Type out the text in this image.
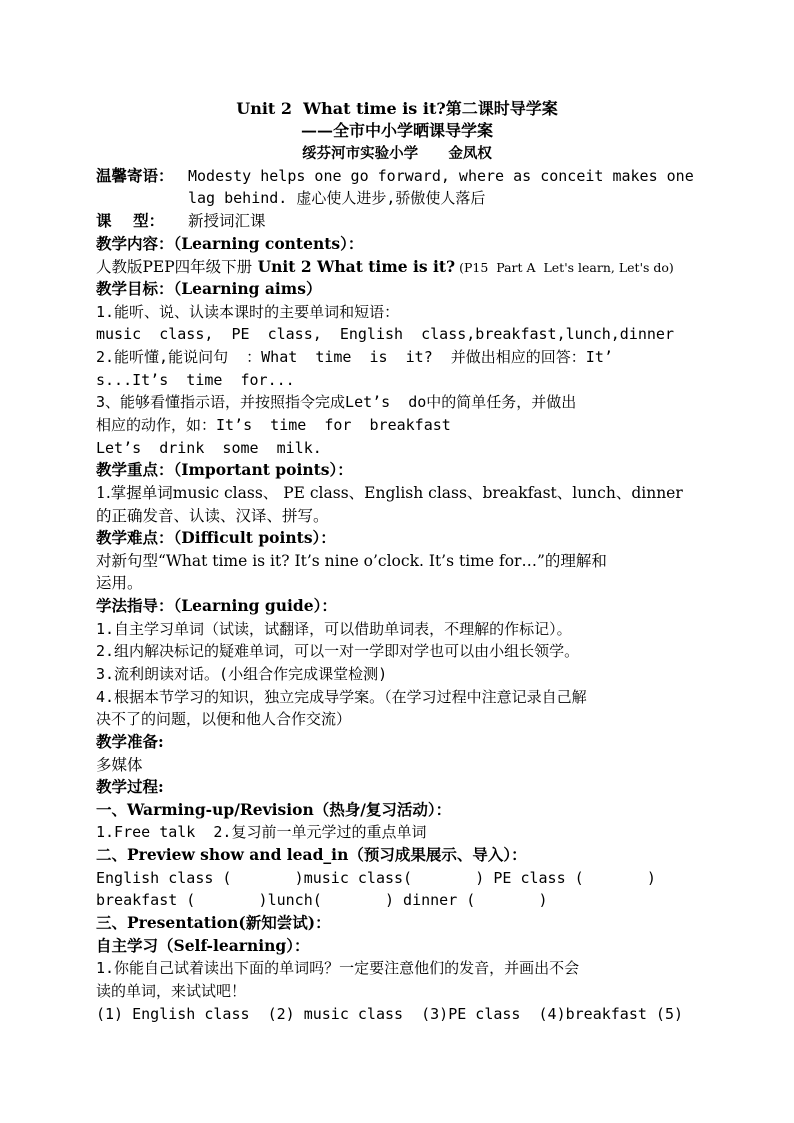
Unit 2  What time is it?第二课时导学案
——全市中小学晒课导学案
绥芬河市实验小学      金凤权
温馨寄语： Modesty helps one go forward, where as conceit makes one
lag behind. 虚心使人进步,骄傲使人落后
课    型： 新授词汇课
教学内容：（Learning contents）：
人教版PEP四年级下册 Unit 2 What time is it? (P15  Part A  Let's learn, Let's do)
教学目标：（Learning aims）
1.能听、说、认读本课时的主要单词和短语：
music  class,  PE  class,  English  class,breakfast,lunch,dinner
2.能听懂,能说问句  ：What  time  is  it?  并做出相应的回答：It’
s...It’s  time  for...
3、能够看懂指示语，并按照指令完成Let’s  do中的简单任务，并做出
相应的动作，如：It’s  time  for  breakfast
Let’s  drink  some  milk.
教学重点：（Important points）：
1.掌握单词music class、 PE class、English class、breakfast、lunch、dinner
的正确发音、认读、汉译、拼写。
教学难点：（Difficult points）：
对新句型“What time is it? It’s nine o’clock. It’s time for…”的理解和
运用。
学法指导：（Learning guide）：
1.自主学习单词（试读，试翻译，可以借助单词表，不理解的作标记）。
2.组内解决标记的疑难单词，可以一对一学即对学也可以由小组长领学。
3.流利朗读对话。(小组合作完成课堂检测)
4.根据本节学习的知识，独立完成导学案。（在学习过程中注意记录自己解
决不了的问题，以便和他人合作交流）
教学准备:
多媒体
教学过程:
一、Warming-up/Revision（热身/复习活动）：
1.Free talk  2.复习前一单元学过的重点单词
二、Preview show and lead_in（预习成果展示、导入）：
English class (       )music class(       ) PE class (       )
breakfast (       )lunch(       ) dinner (       )
三、Presentation(新知尝试)：
自主学习（Self-learning）：
1.你能自己试着读出下面的单词吗？一定要注意他们的发音，并画出不会
读的单词，来试试吧！
(1) English class  (2) music class  (3)PE class  (4)breakfast (5)
